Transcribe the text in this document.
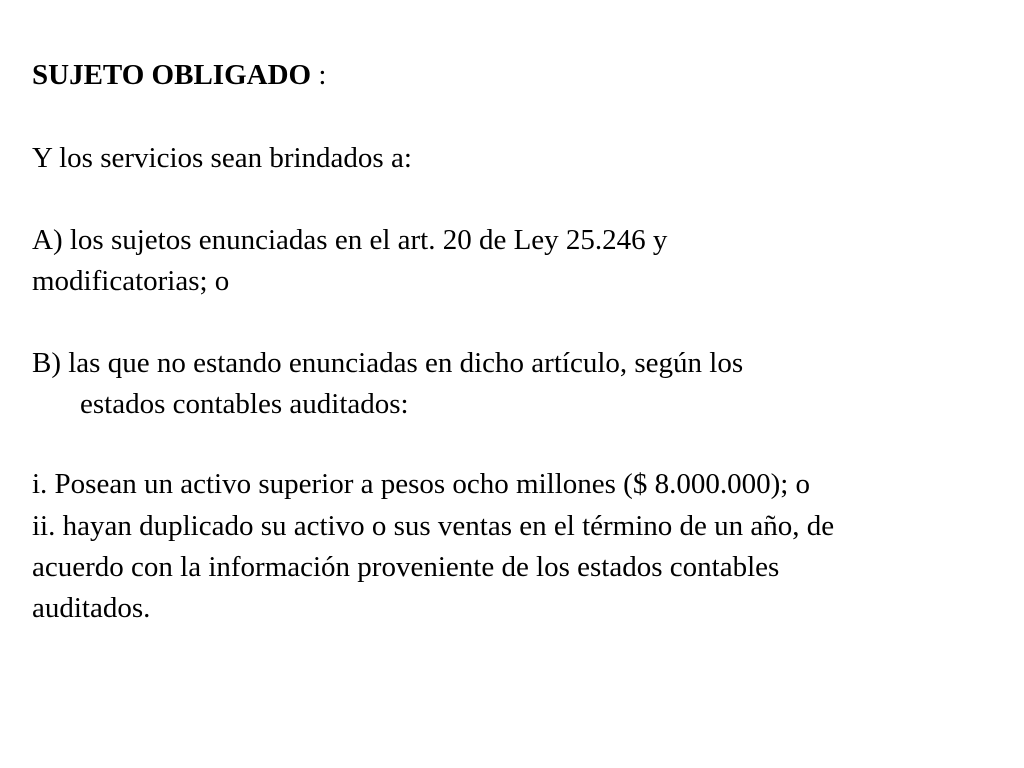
SUJETO OBLIGADO :

Y los servicios sean brindados a:

A) los sujetos enunciadas en el art. 20 de Ley 25.246 y

modificatorias; o

B) las que no estando enunciadas en dicho artículo, según los

estados contables auditados:

i. Posean un activo superior a pesos ocho millones ($ 8.000.000); o

ii. hayan duplicado su activo o sus ventas en el término de un año, de

acuerdo con la información proveniente de los estados contables

auditados.
